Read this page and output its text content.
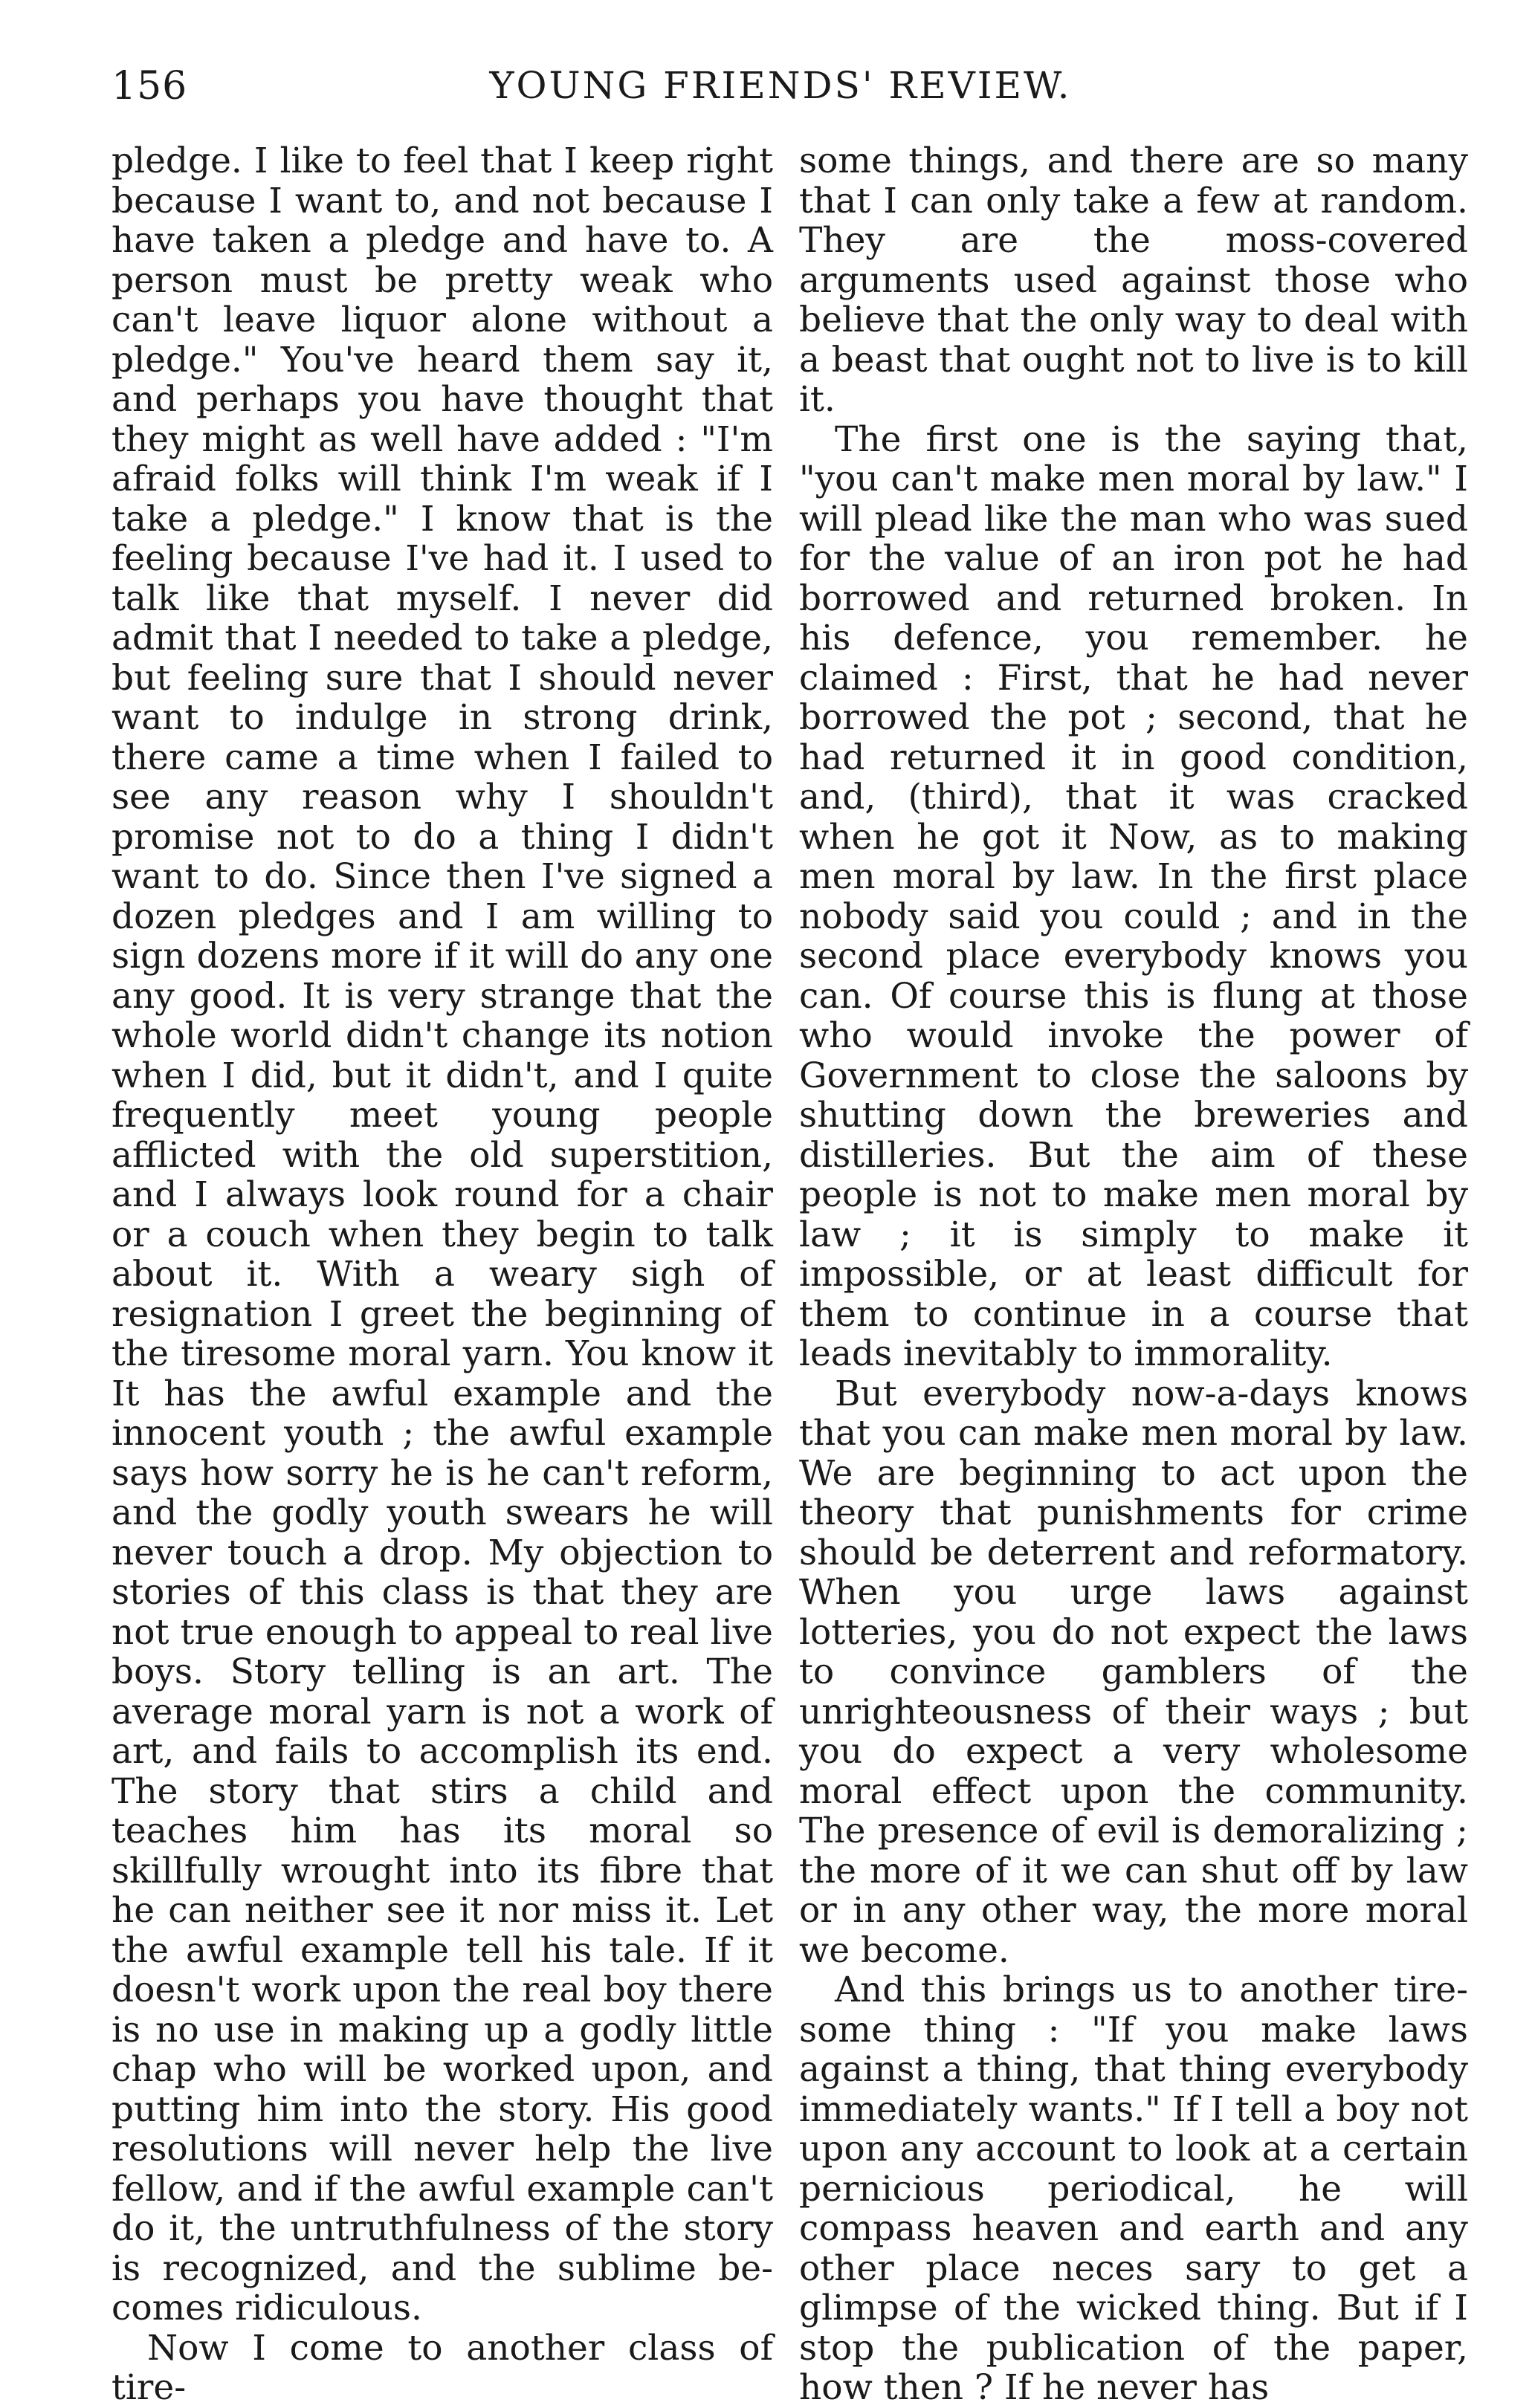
156	YOUNG FRIENDS' REVIEW.

pledge. I like to feel that I keep right because I want to, and not because I have taken a pledge and have to. A person must be pretty weak who can't leave liquor alone without a pledge." You've heard them say it, and perhaps you have thought that they might as well have added : "I'm afraid folks will think I'm weak if I take a pledge." I know that is the feeling because I've had it. I used to talk like that myself. I never did admit that I needed to take a pledge, but feeling sure that I should never want to indulge in strong drink, there came a time when I failed to see any reason why I shouldn't promise not to do a thing I didn't want to do. Since then I've signed a dozen pledges and I am willing to sign dozens more if it will do any one any good. It is very strange that the whole world didn't change its notion when I did, but it didn't, and I quite frequently meet young people afflicted with the old superstition, and I always look round for a chair or a couch when they begin to talk about it. With a weary sigh of resignation I greet the beginning of the tiresome moral yarn. You know it It has the awful example and the innocent youth ; the awful example says how sorry he is he can't reform, and the godly youth swears he will never touch a drop. My objection to stories of this class is that they are not true enough to appeal to real live boys. Story telling is an art. The average moral yarn is not a work of art, and fails to accomplish its end. The story that stirs a child and teaches him has its moral so skillfully wrought into its fibre that he can neither see it nor miss it. Let the awful example tell his tale. If it doesn't work upon the real boy there is no use in making up a godly little chap who will be worked upon, and putting him into the story. His good resolutions will never help the live fellow, and if the awful example can't do it, the untruthfulness of the story is recognized, and the sublime becomes ridiculous.

Now I come to another class of tire-

some things, and there are so many that I can only take a few at random. They are the moss-covered arguments used against those who believe that the only way to deal with a beast that ought not to live is to kill it.

The first one is the saying that, "you can't make men moral by law." I will plead like the man who was sued for the value of an iron pot he had borrowed and returned broken. In his defence, you remember. he claimed : First, that he had never borrowed the pot ; second, that he had returned it in good condition, and, (third), that it was cracked when he got it Now, as to making men moral by law. In the first place nobody said you could ; and in the second place everybody knows you can. Of course this is flung at those who would invoke the power of Government to close the saloons by shutting down the breweries and distilleries. But the aim of these people is not to make men moral by law ; it is simply to make it impossible, or at least difficult for them to continue in a course that leads inevitably to immorality.

But everybody now-a-days knows that you can make men moral by law. We are beginning to act upon the theory that punishments for crime should be deterrent and reformatory. When you urge laws against lotteries, you do not expect the laws to convince gamblers of the unrighteousness of their ways ; but you do expect a very wholesome moral effect upon the community. The presence of evil is demoralizing ; the more of it we can shut off by law or in any other way, the more moral we become.

And this brings us to another tiresome thing : "If you make laws against a thing, that thing everybody immediately wants." If I tell a boy not upon any account to look at a certain pernicious periodical, he will compass heaven and earth and any other place neces sary to get a glimpse of the wicked thing. But if I stop the publication of the paper, how then ? If he never has
